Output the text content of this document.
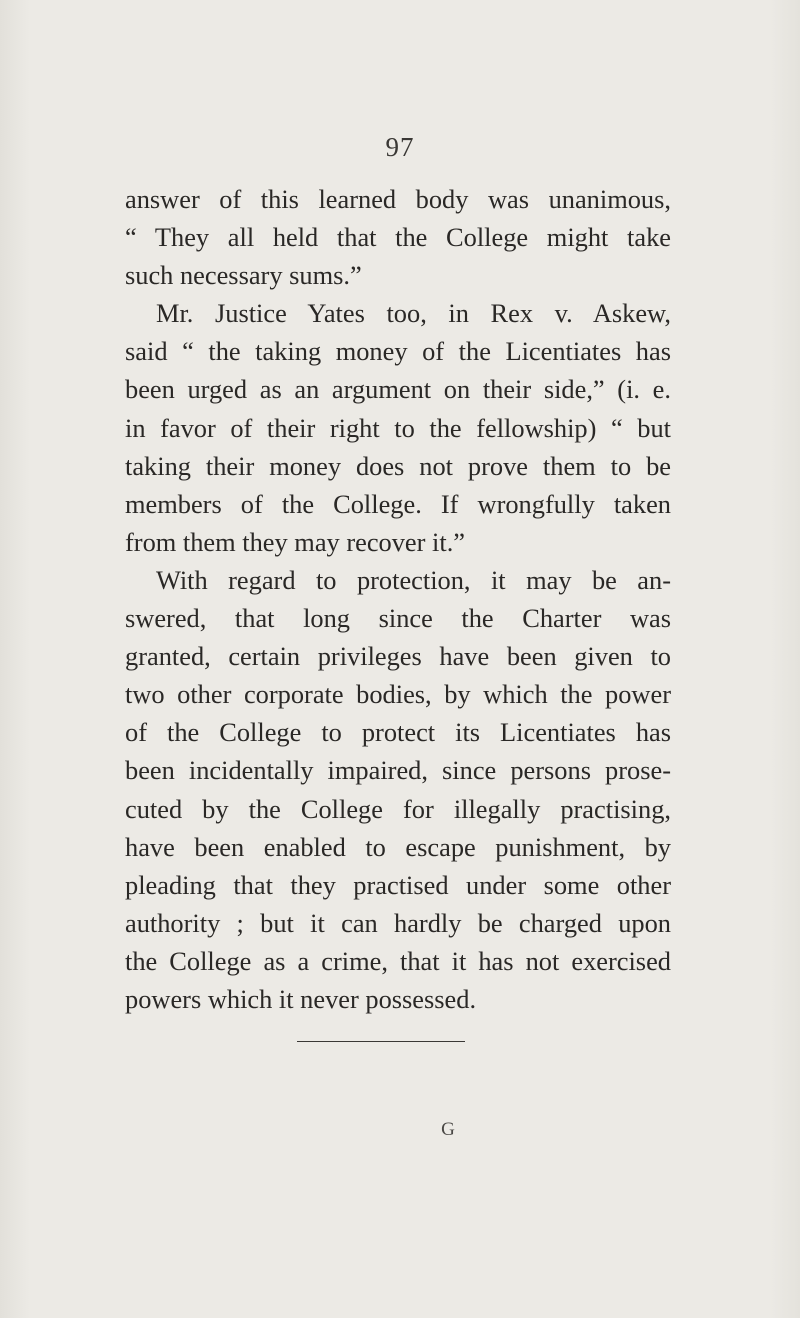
97
answer of this learned body was unanimous,
“ They all held that the College might take
such necessary sums.”
Mr. Justice Yates too, in Rex v. Askew,
said “ the taking money of the Licentiates has
been urged as an argument on their side,” (i. e.
in favor of their right to the fellowship) “ but
taking their money does not prove them to be
members of the College. If wrongfully taken
from them they may recover it.”
With regard to protection, it may be an-
swered, that long since the Charter was
granted, certain privileges have been given to
two other corporate bodies, by which the power
of the College to protect its Licentiates has
been incidentally impaired, since persons prose-
cuted by the College for illegally practising,
have been enabled to escape punishment, by
pleading that they practised under some other
authority ; but it can hardly be charged upon
the College as a crime, that it has not exercised
powers which it never possessed.
G
